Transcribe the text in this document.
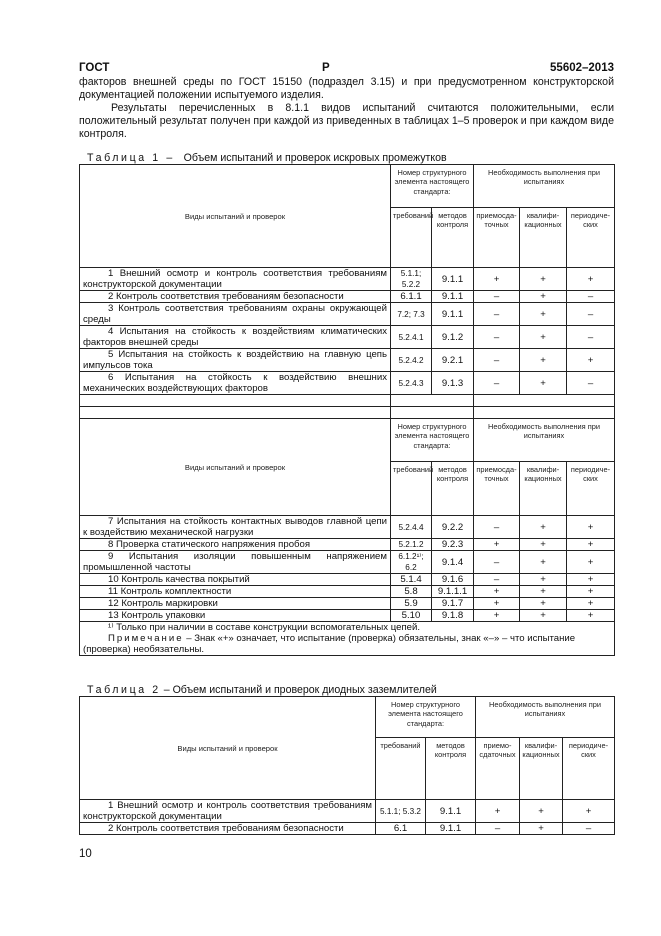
ГОСТ	Р	55602–2013
факторов внешней среды по ГОСТ 15150 (подраздел 3.15) и при предусмотренном конструкторской документацией положении испытуемого изделия.
Результаты перечисленных в 8.1.1 видов испытаний считаются положительными, если положительный результат получен при каждой из приведенных в таблицах 1–5 проверок и при каждом виде контроля.
Таблица 1 – Объем испытаний и проверок искровых промежутков
Виды испытаний и проверок	Номер структурного элемента настоящего стандарта:		Необходимость выполнения при испытаниях		
	требований	методов контроля	приемосдаточных	квалификационных	периодических
1 Внешний осмотр и контроль соответствия требованиям конструкторской документации	5.1.1; 5.2.2	9.1.1	+	+	+
2 Контроль соответствия требованиям безопасности	6.1.1	9.1.1	–	+	–
3 Контроль соответствия требованиям охраны окружающей среды	7.2; 7.3	9.1.1	–	+	–
4 Испытания на стойкость к воздействиям климатических факторов внешней среды	5.2.4.1	9.1.2	–	+	–
5 Испытания на стойкость к воздействию на главную цепь импульсов тока	5.2.4.2	9.2.1	–	+	+
6 Испытания на стойкость к воздействию внешних механических воздействующих факторов	5.2.4.3	9.1.3	–	+	–

Виды испытаний и проверок	Номер структурного элемента настоящего стандарта:		Необходимость выполнения при испытаниях		
	требований	методов контроля	приемосдаточных	квалификационных	периодических
7 Испытания на стойкость контактных выводов главной цепи к воздействию механической нагрузки	5.2.4.4	9.2.2	–	+	+
8 Проверка статического напряжения пробоя	5.2.1.2	9.2.3	+	+	+
9 Испытания изоляции повышенным напряжением промышленной частоты	6.1.2¹⁾; 6.2	9.1.4	–	+	+
10 Контроль качества покрытий	5.1.4	9.1.6	–	+	+
11 Контроль комплектности	5.8	9.1.1.1	+	+	+
12 Контроль маркировки	5.9	9.1.7	+	+	+
13 Контроль упаковки	5.10	9.1.8	+	+	+

¹⁾ Только при наличии в составе конструкции вспомогательных цепей.
Примечание – Знак «+» означает, что испытание (проверка) обязательны, знак «–» – что испытание (проверка) необязательны.					
Таблица 2 – Объем испытаний и проверок диодных заземлителей
Виды испытаний и проверок	Номер структурного элемента настоящего стандарта:		Необходимость выполнения при испытаниях		
	требований	методов контроля	приемосдаточных	квалификационных	периодических
1 Внешний осмотр и контроль соответствия требованиям конструкторской документации	5.1.1; 5.3.2	9.1.1	+	+	+
2 Контроль соответствия требованиям безопасности	6.1	9.1.1	–	+	–
10
